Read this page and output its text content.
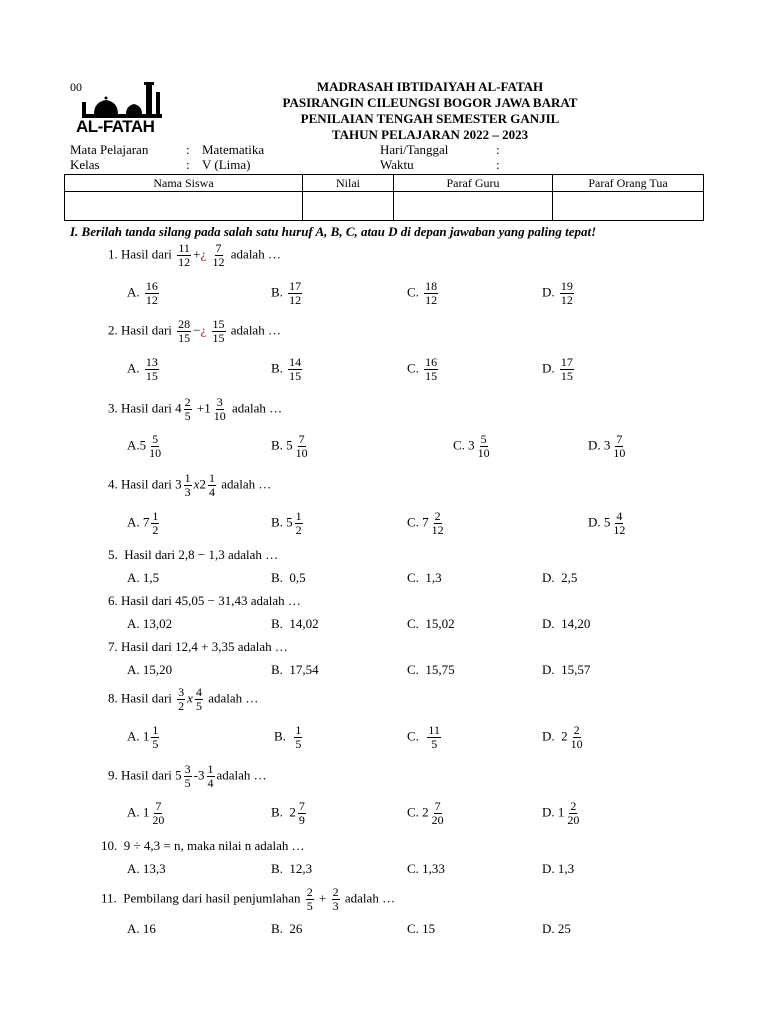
00
AL-FATAH
MADRASAH IBTIDAIYAH AL-FATAH
PASIRANGIN CILEUNGSI BOGOR JAWA BARAT
PENILAIAN TENGAH SEMESTER GANJIL
TAHUN PELAJARAN 2022 – 2023
Mata Pelajaran	: Matematika	Hari/Tanggal	:
Kelas	: V (Lima)	Waktu	:
Nama Siswa	Nilai	Paraf Guru	Paraf Orang Tua

I. Berilah tanda silang pada salah satu huruf A, B, C, atau D di depan jawaban yang paling tepat!
1. Hasil dari $\frac{11}{12}$ +¿ $\frac{7}{12}$ adalah …
A. $\frac{16}{12}$	B. $\frac{17}{12}$	C. $\frac{18}{12}$	D. $\frac{19}{12}$
2. Hasil dari $\frac{28}{15}$ −¿ $\frac{15}{15}$ adalah …
A. $\frac{13}{15}$	B. $\frac{14}{15}$	C. $\frac{16}{15}$	D. $\frac{17}{15}$
3. Hasil dari $4 \frac{2}{5} +1 \frac{3}{10}$ adalah …
$A.5 \frac{5}{10}$	B. $5 \frac{7}{10}$	C. $3 \frac{5}{10}$	D. $3 \frac{7}{10}$
4. Hasil dari $3 \frac{1}{3} x2 \frac{1}{4}$ adalah …
A. $7 \frac{1}{2}$	B. $5 \frac{1}{2}$	C. $7 \frac{2}{12}$	D. $5 \frac{4}{12}$
5. Hasil dari 2,8 − 1,3 adalah …
A. 1,5	B. 0,5	C. 1,3	D. 2,5
6. Hasil dari 45,05 − 31,43 adalah …
A. 13,02	B. 14,02	C. 15,02	D. 14,20
7. Hasil dari 12,4 + 3,35 adalah …
A. 15,20	B. 17,54	C. 15,75	D. 15,57
8. Hasil dari $\frac{3}{2}$ x $\frac{4}{5}$ adalah …
A. $1 \frac{1}{5}$	B. $\frac{1}{5}$	C. $\frac{11}{5}$	D. $2 \frac{2}{10}$
9. Hasil dari $5 \frac{3}{5} -3 \frac{1}{4}$ adalah …
A. $1 \frac{7}{20}$	B. $2 \frac{7}{9}$	C. $2 \frac{7}{20}$	D. $1 \frac{2}{20}$
10. 9 ÷ 4,3 = n, maka nilai n adalah …
A. 13,3	B. 12,3	C. 1,33	D. 1,3
11. Pembilang dari hasil penjumlahan $\frac{2}{5} + \frac{2}{3}$ adalah …
A. 16	B. 26	C. 15	D. 25
